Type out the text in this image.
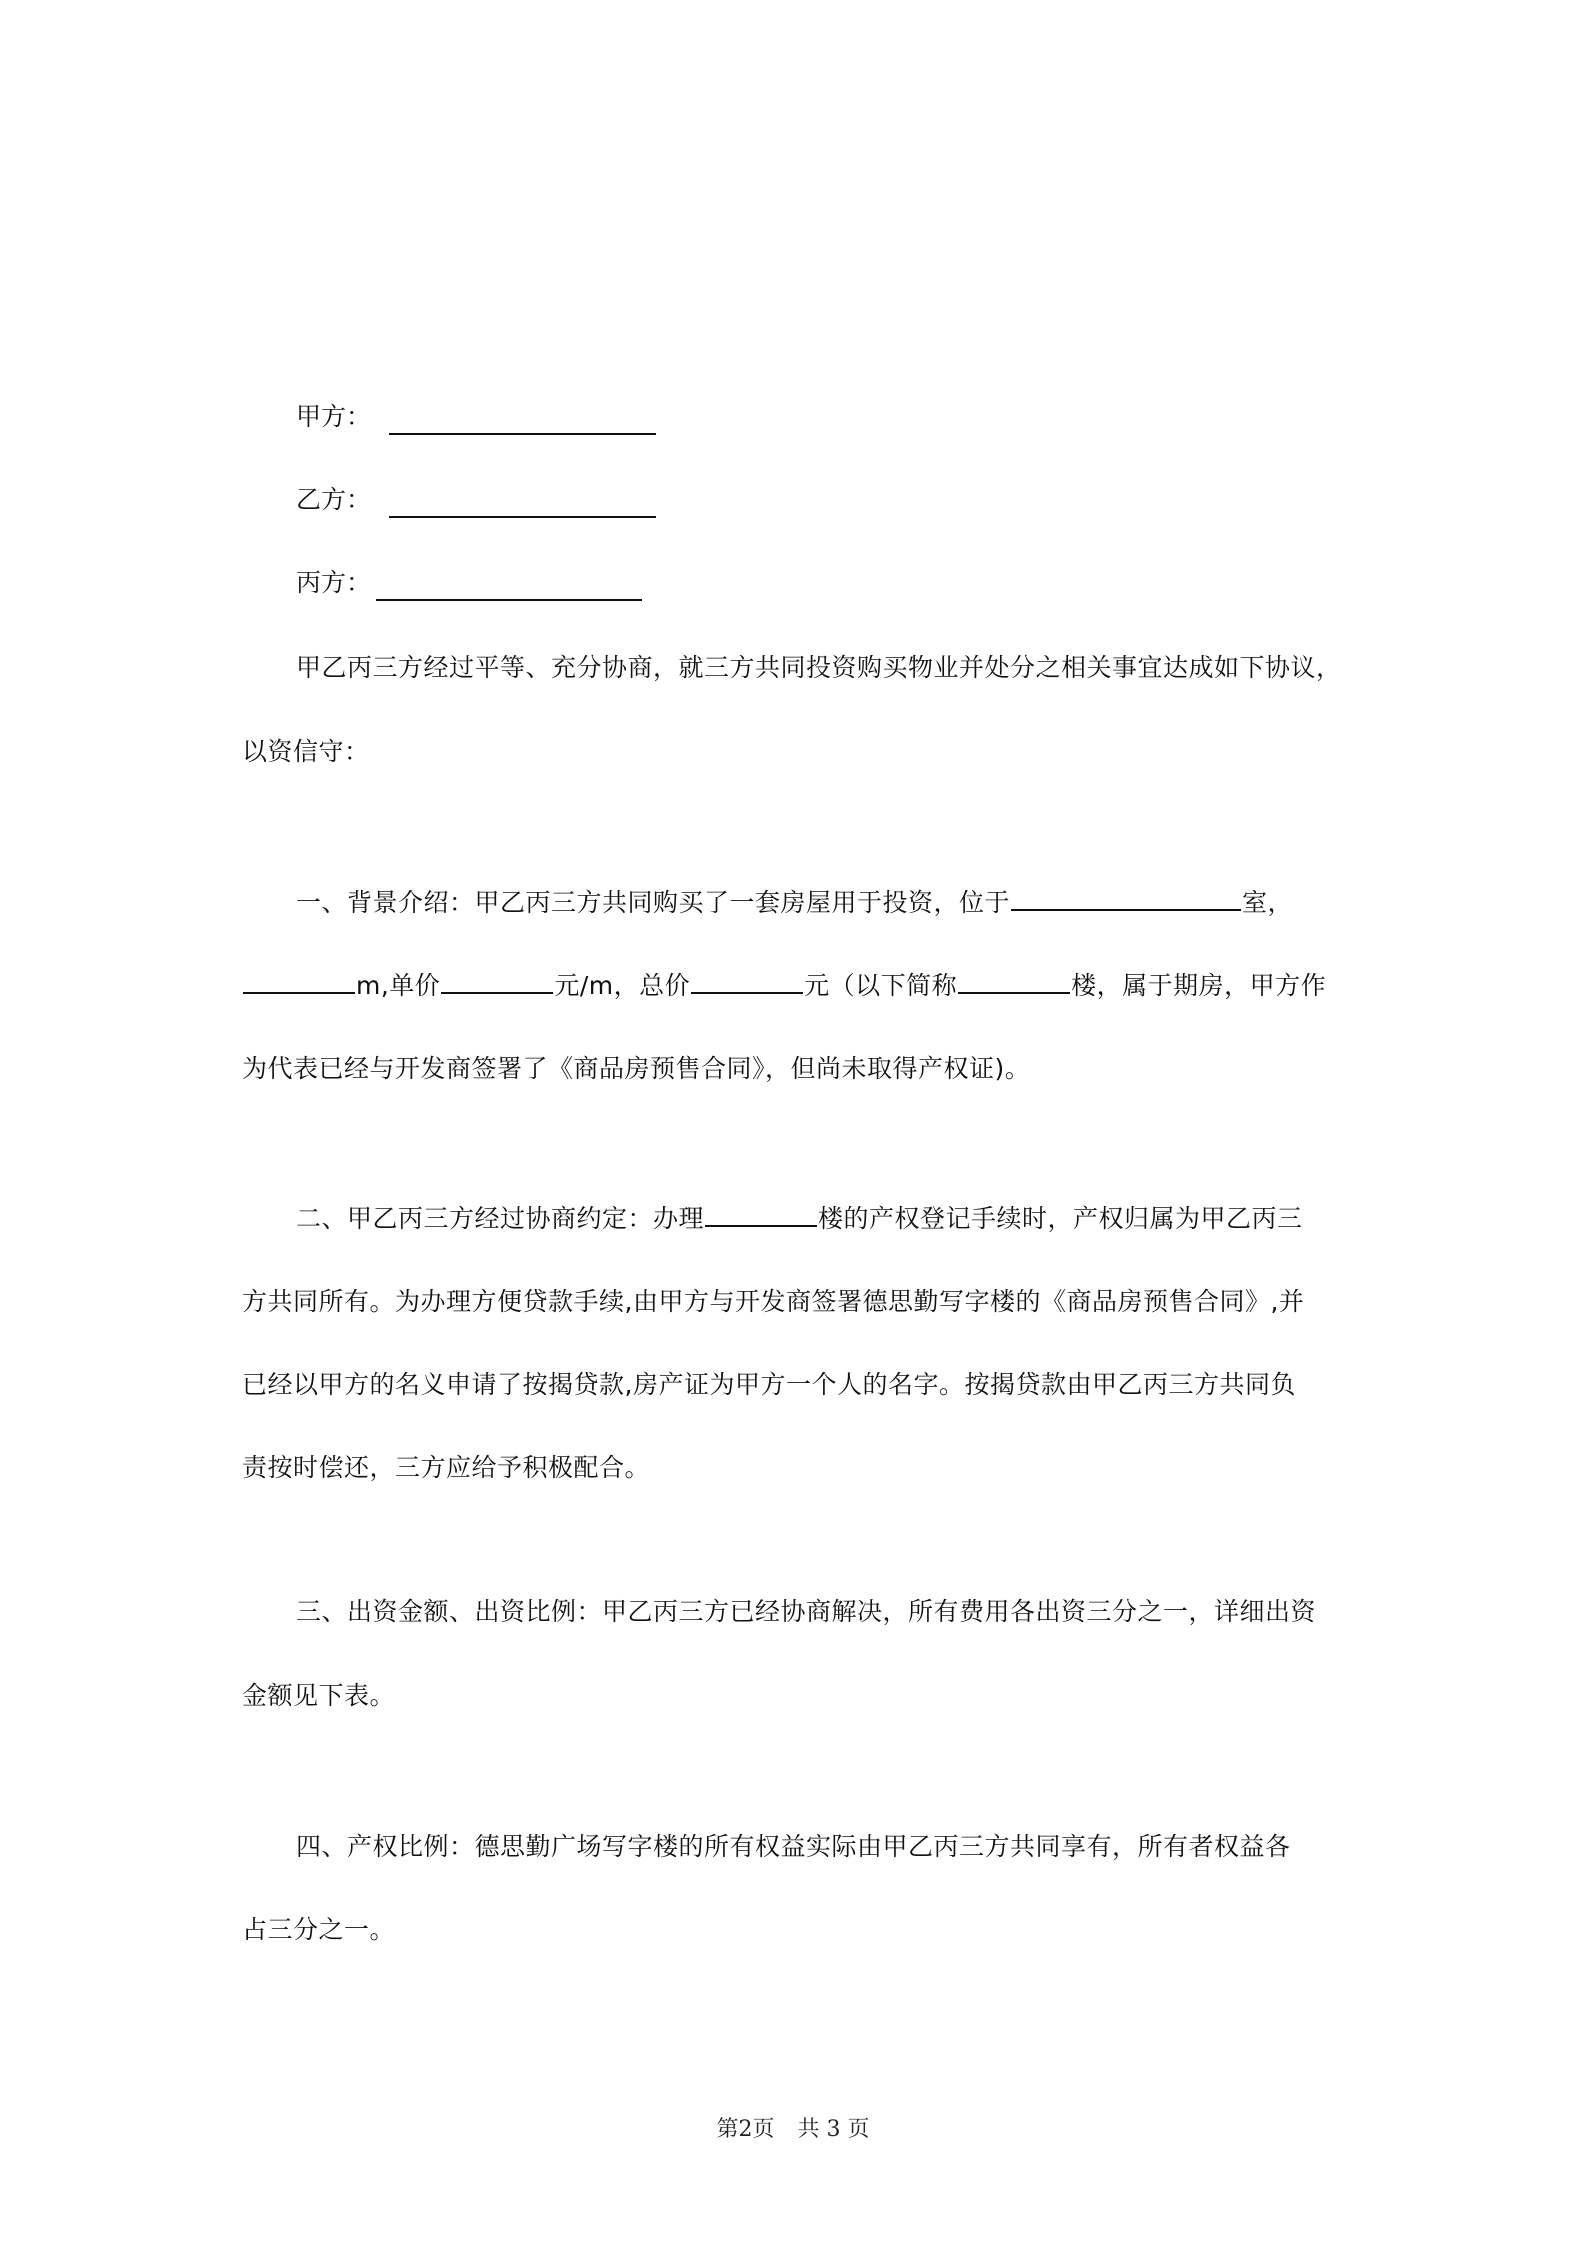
甲方：
乙方：
丙方：
甲乙丙三方经过平等、充分协商，就三方共同投资购买物业并处分之相关事宜达成如下协议，
以资信守：
一、背景介绍：甲乙丙三方共同购买了一套房屋用于投资，位于	室，
m,单价	元/m，总价	元（以下简称	楼，属于期房，甲方作
为代表已经与开发商签署了《商品房预售合同》，但尚未取得产权证)。
二、甲乙丙三方经过协商约定：办理	楼的产权登记手续时，产权归属为甲乙丙三
方共同所有。为办理方便贷款手续,由甲方与开发商签署德思勤写字楼的《商品房预售合同》,并
已经以甲方的名义申请了按揭贷款,房产证为甲方一个人的名字。按揭贷款由甲乙丙三方共同负
责按时偿还，三方应给予积极配合。
三、出资金额、出资比例：甲乙丙三方已经协商解决，所有费用各出资三分之一，详细出资
金额见下表。
四、产权比例：德思勤广场写字楼的所有权益实际由甲乙丙三方共同享有，所有者权益各
占三分之一。
第2页 共 3 页
